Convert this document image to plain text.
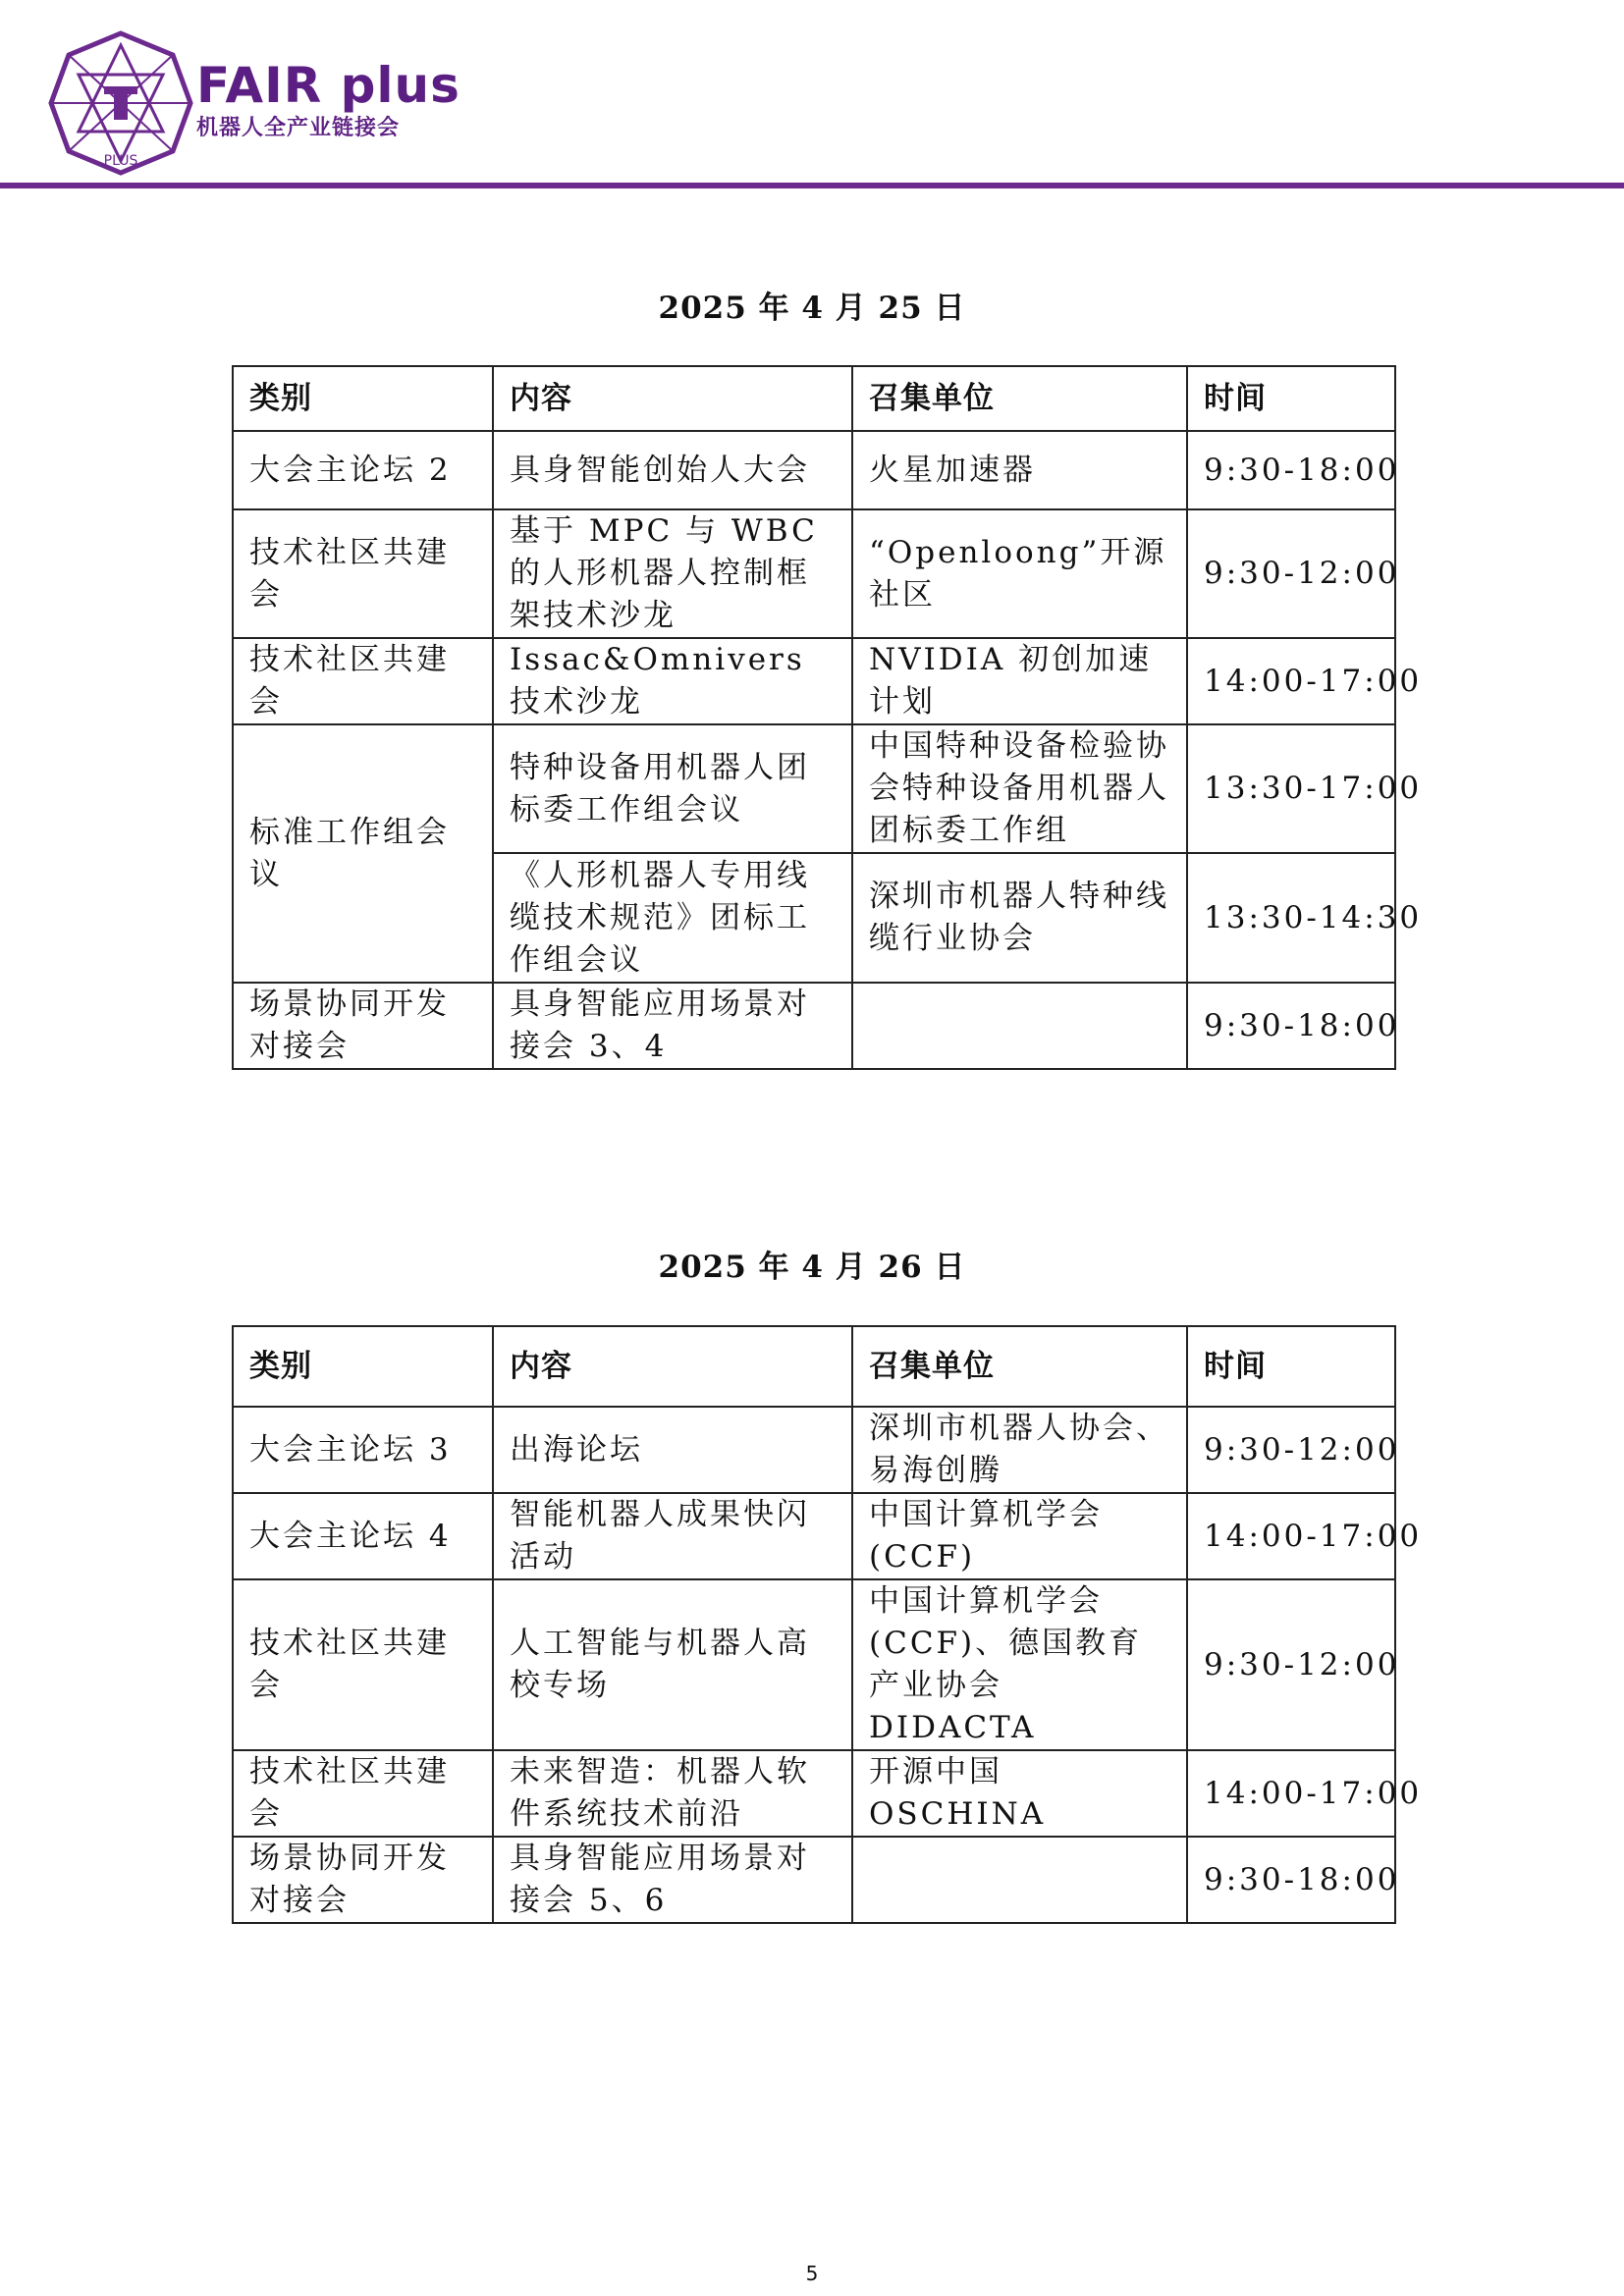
PLUS
FAIR plus
机器人全产业链接会
2025 年 4 月 25 日
类别	内容	召集单位	时间
大会主论坛 2	具身智能创始人大会	火星加速器	9:30-18:00
技术社区共建会	基于 MPC 与 WBC 的人形机器人控制框架技术沙龙	“Openloong”开源社区	9:30-12:00
技术社区共建会	Issac&Omnivers 技术沙龙	NVIDIA 初创加速计划	14:00-17:00
标准工作组会议	特种设备用机器人团标委工作组会议	中国特种设备检验协会特种设备用机器人团标委工作组	13:30-17:00
	《人形机器人专用线缆技术规范》团标工作组会议	深圳市机器人特种线缆行业协会	13:30-14:30
场景协同开发对接会	具身智能应用场景对接会 3、4		9:30-18:00
2025 年 4 月 26 日
类别	内容	召集单位	时间
大会主论坛 3	出海论坛	深圳市机器人协会、易海创腾	9:30-12:00
大会主论坛 4	智能机器人成果快闪活动	中国计算机学会(CCF)	14:00-17:00
技术社区共建会	人工智能与机器人高校专场	中国计算机学会(CCF)、德国教育产业协会 DIDACTA	9:30-12:00
技术社区共建会	未来智造：机器人软件系统技术前沿	开源中国 OSCHINA	14:00-17:00
场景协同开发对接会	具身智能应用场景对接会 5、6		9:30-18:00
5
